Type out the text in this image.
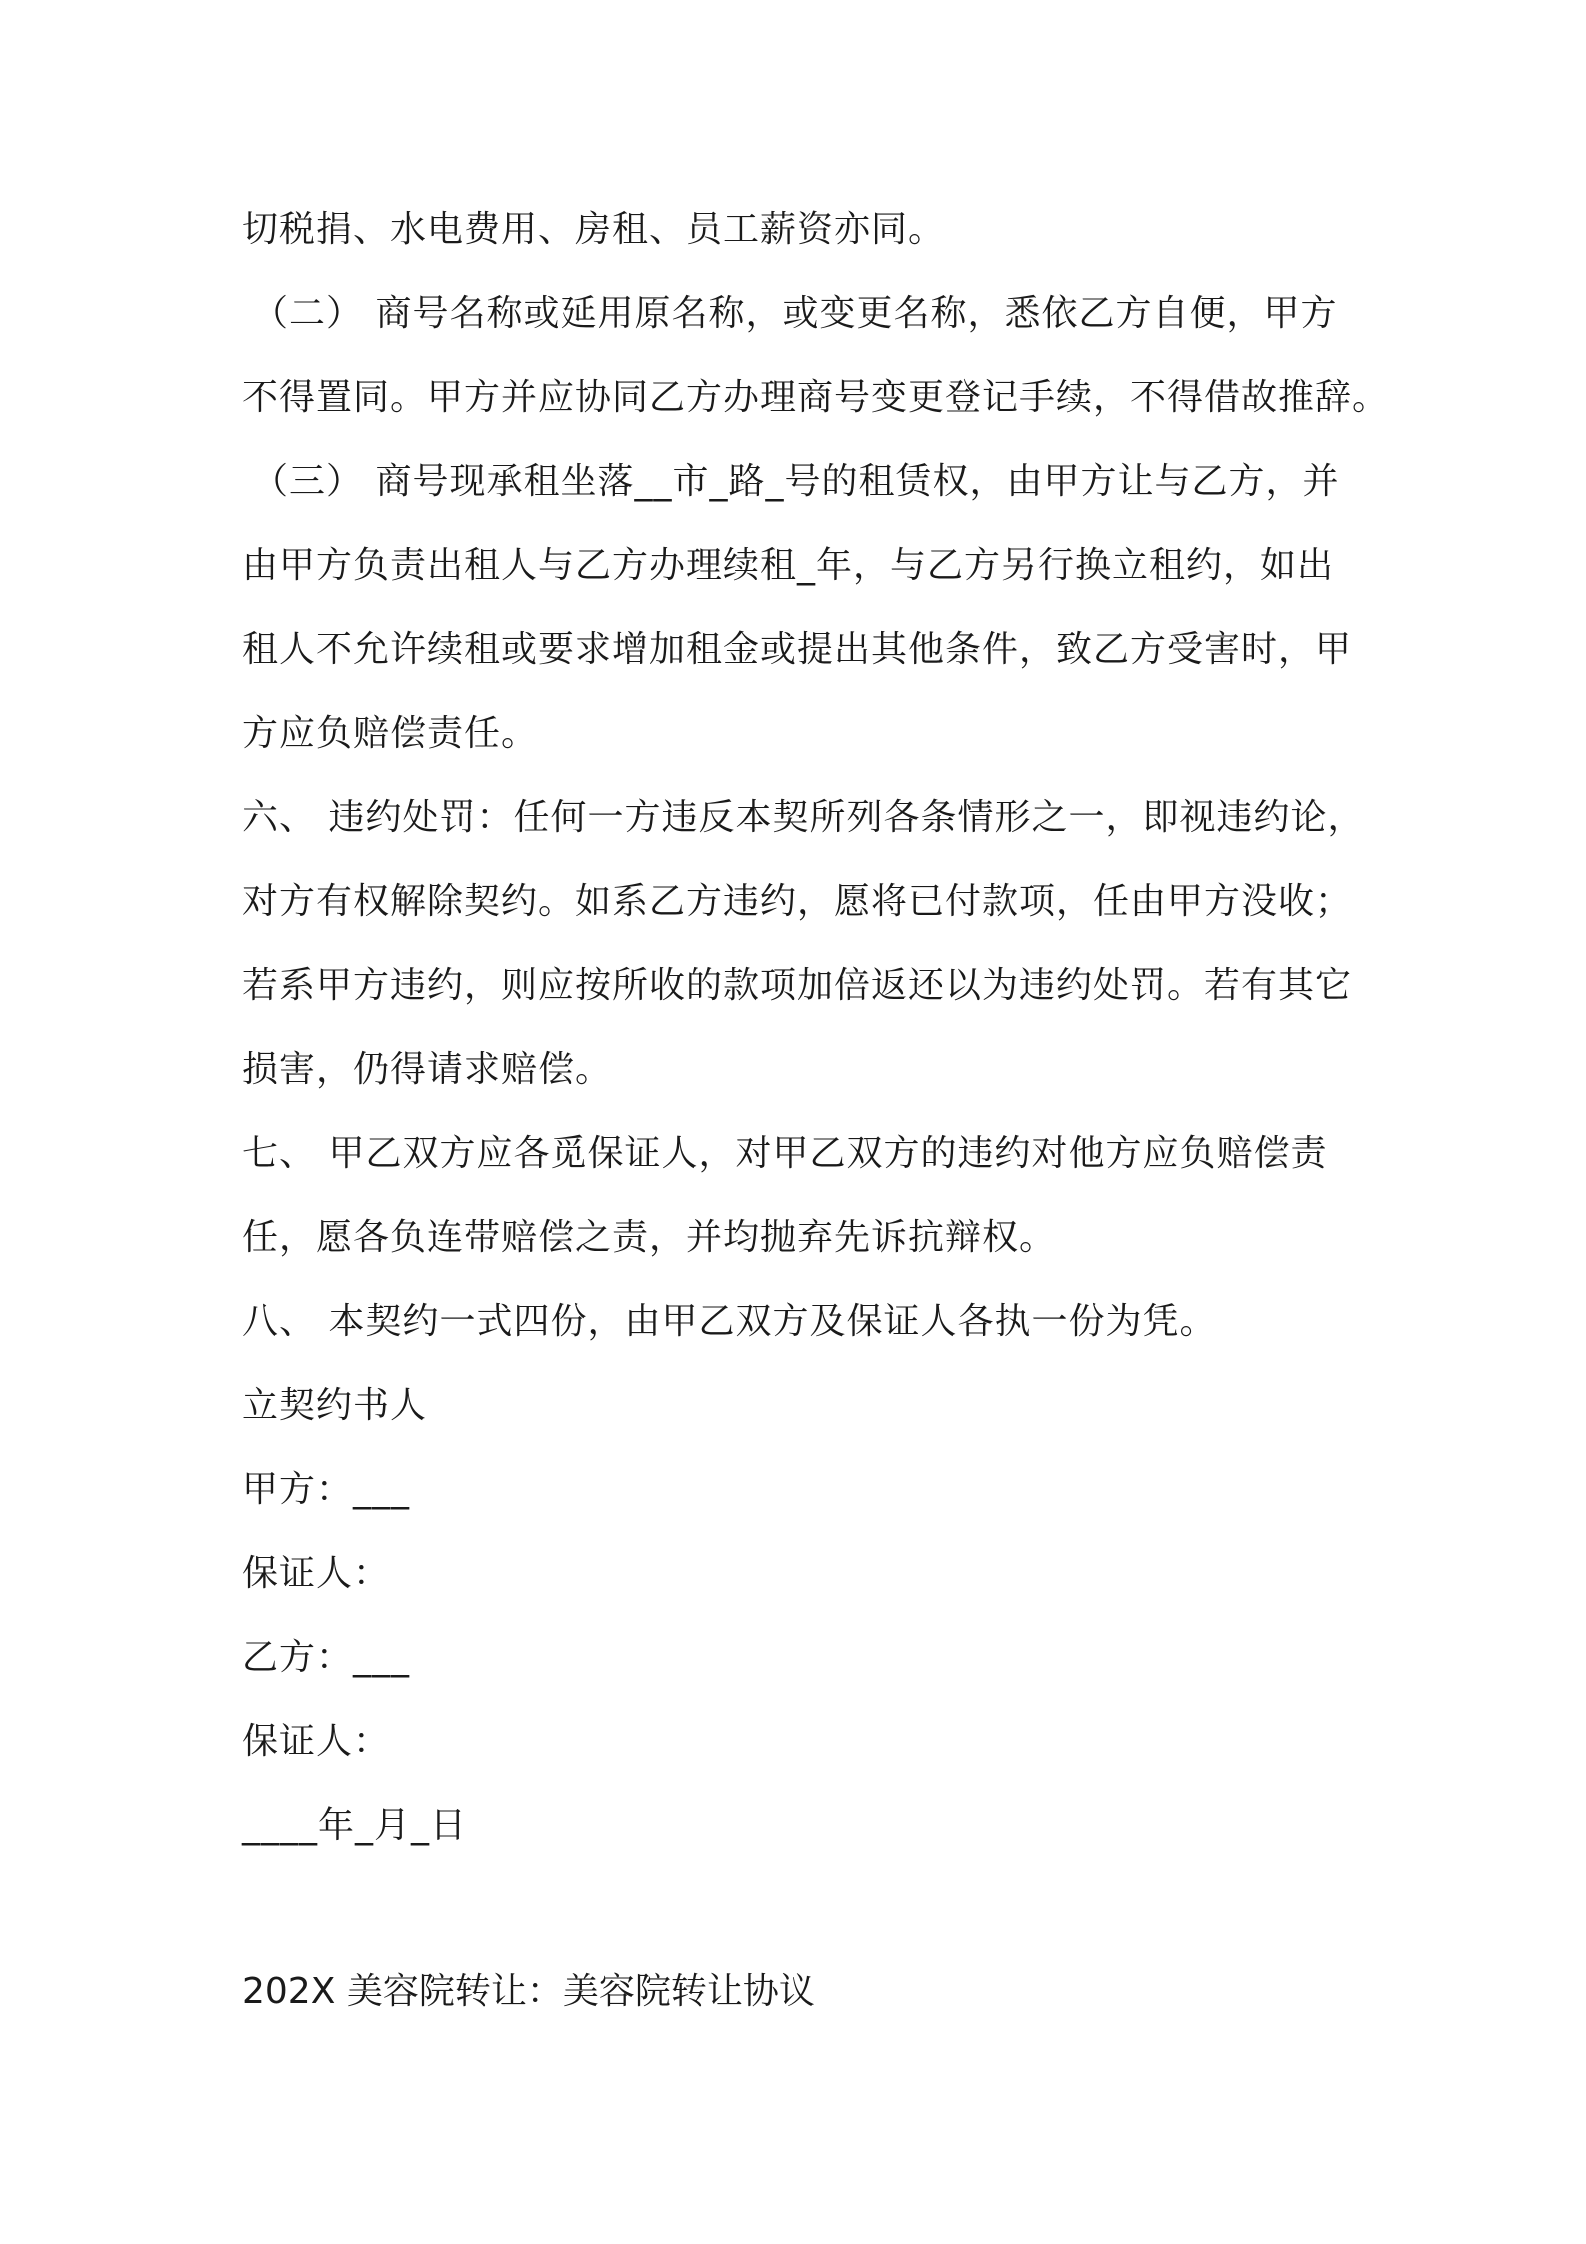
切税捐、水电费用、房租、员工薪资亦同。
（二） 商号名称或延用原名称，或变更名称，悉依乙方自便，甲方
不得置同。甲方并应协同乙方办理商号变更登记手续，不得借故推辞。
（三） 商号现承租坐落__市_路_号的租赁权，由甲方让与乙方，并
由甲方负责出租人与乙方办理续租_年，与乙方另行换立租约，如出
租人不允许续租或要求增加租金或提出其他条件，致乙方受害时，甲
方应负赔偿责任。
六、 违约处罚：任何一方违反本契所列各条情形之一，即视违约论，
对方有权解除契约。如系乙方违约，愿将已付款项，任由甲方没收；
若系甲方违约，则应按所收的款项加倍返还以为违约处罚。若有其它
损害，仍得请求赔偿。
七、 甲乙双方应各觅保证人，对甲乙双方的违约对他方应负赔偿责
任，愿各负连带赔偿之责，并均抛弃先诉抗辩权。
八、 本契约一式四份，由甲乙双方及保证人各执一份为凭。
立契约书人
甲方：___
保证人：
乙方：___
保证人：
____年_月_日
202X 美容院转让：美容院转让协议
